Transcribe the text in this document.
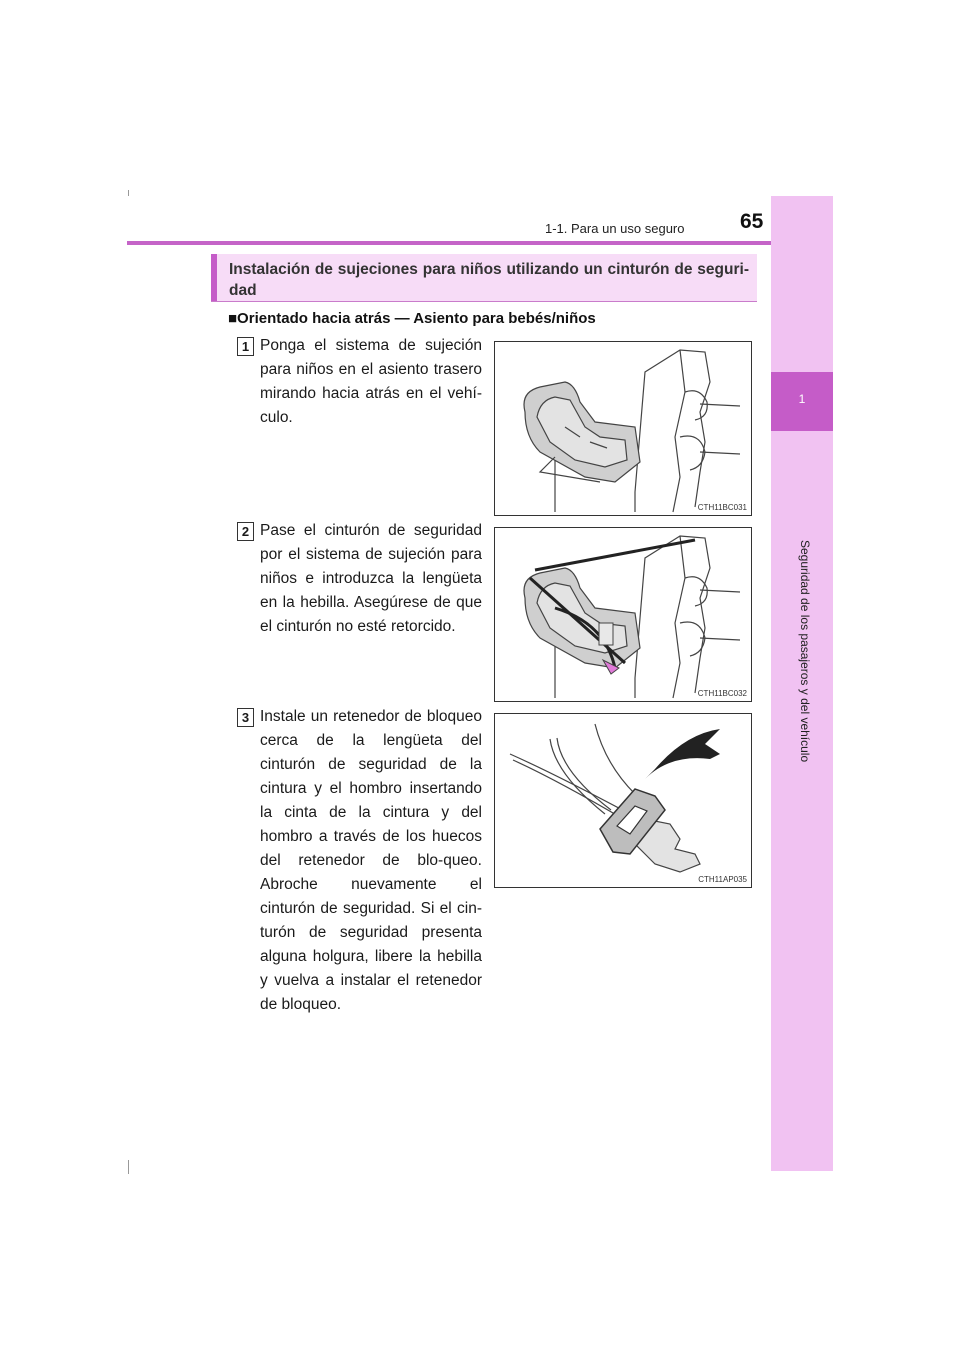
1-1. Para un uso seguro	65
1
Instalación de sujeciones para niños utilizando un cinturón de seguri-dad
■Orientado hacia atrás — Asiento para bebés/niños
1 Ponga el sistema de sujeción para niños en el asiento trasero mirando hacia atrás en el vehí-culo.
CTH11BC031
2 Pase el cinturón de seguridad por el sistema de sujeción para niños e introduzca la lengüeta en la hebilla. Asegúrese de que el cinturón no esté retorcido.
CTH11BC032
3 Instale un retenedor de bloqueo cerca de la lengüeta del cinturón de seguridad de la cintura y el hombro insertando la cinta de la cintura y del hombro a través de los huecos del retenedor de blo-queo. Abroche nuevamente el cinturón de seguridad. Si el cin-turón de seguridad presenta alguna holgura, libere la hebilla y vuelva a instalar el retenedor de bloqueo.
CTH11AP035
